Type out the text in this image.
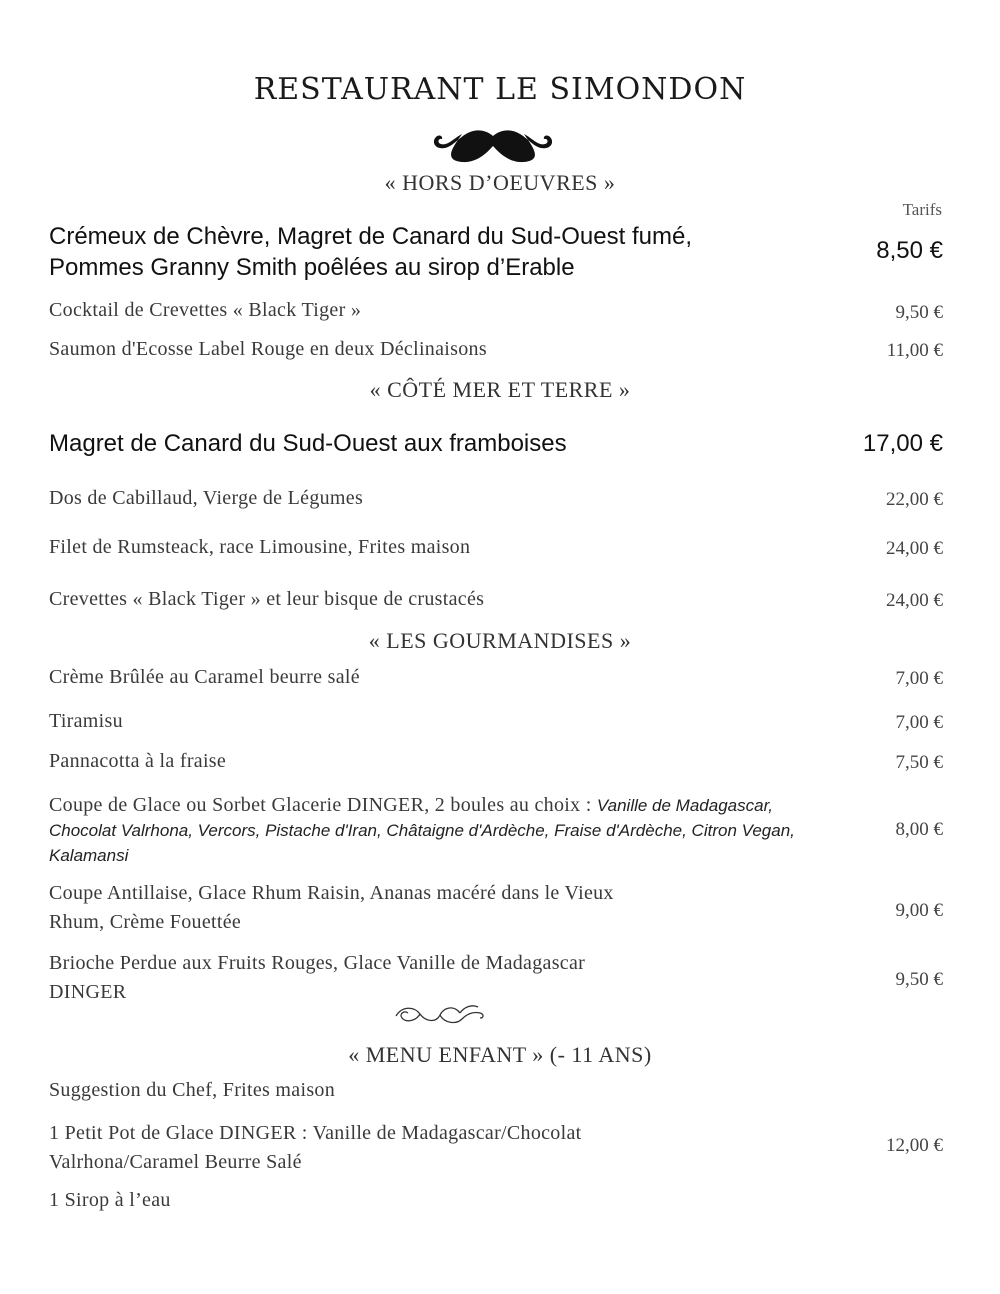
RESTAURANT LE SIMONDON
« HORS D’OEUVRES »
Tarifs
Crémeux de Chèvre, Magret de Canard du Sud-Ouest fumé,
Pommes Granny Smith poêlées au sirop d’Erable
8,50 €
Cocktail de Crevettes « Black Tiger »	9,50 €
Saumon d'Ecosse Label Rouge en deux Déclinaisons	11,00 €
« CÔTÉ MER ET TERRE »
Magret de Canard du Sud-Ouest aux framboises	17,00 €
Dos de Cabillaud, Vierge de Légumes	22,00 €
Filet de Rumsteack, race Limousine, Frites maison	24,00 €
Crevettes « Black Tiger » et leur bisque de crustacés	24,00 €
« LES GOURMANDISES »
Crème Brûlée au Caramel beurre salé	7,00 €
Tiramisu	7,00 €
Pannacotta à la fraise	7,50 €
Coupe de Glace ou Sorbet Glacerie DINGER, 2 boules au choix : Vanille de Madagascar, Chocolat Valrhona, Vercors, Pistache d'Iran, Châtaigne d'Ardèche, Fraise d'Ardèche, Citron Vegan, Kalamansi
8,00 €
Coupe Antillaise, Glace Rhum Raisin, Ananas macéré dans le Vieux
Rhum, Crème Fouettée
9,00 €
Brioche Perdue aux Fruits Rouges, Glace Vanille de Madagascar
DINGER
9,50 €
« MENU ENFANT » (- 11 ANS)
Suggestion du Chef, Frites maison
1 Petit Pot de Glace DINGER : Vanille de Madagascar/Chocolat
Valrhona/Caramel Beurre Salé
12,00 €
1 Sirop à l’eau
